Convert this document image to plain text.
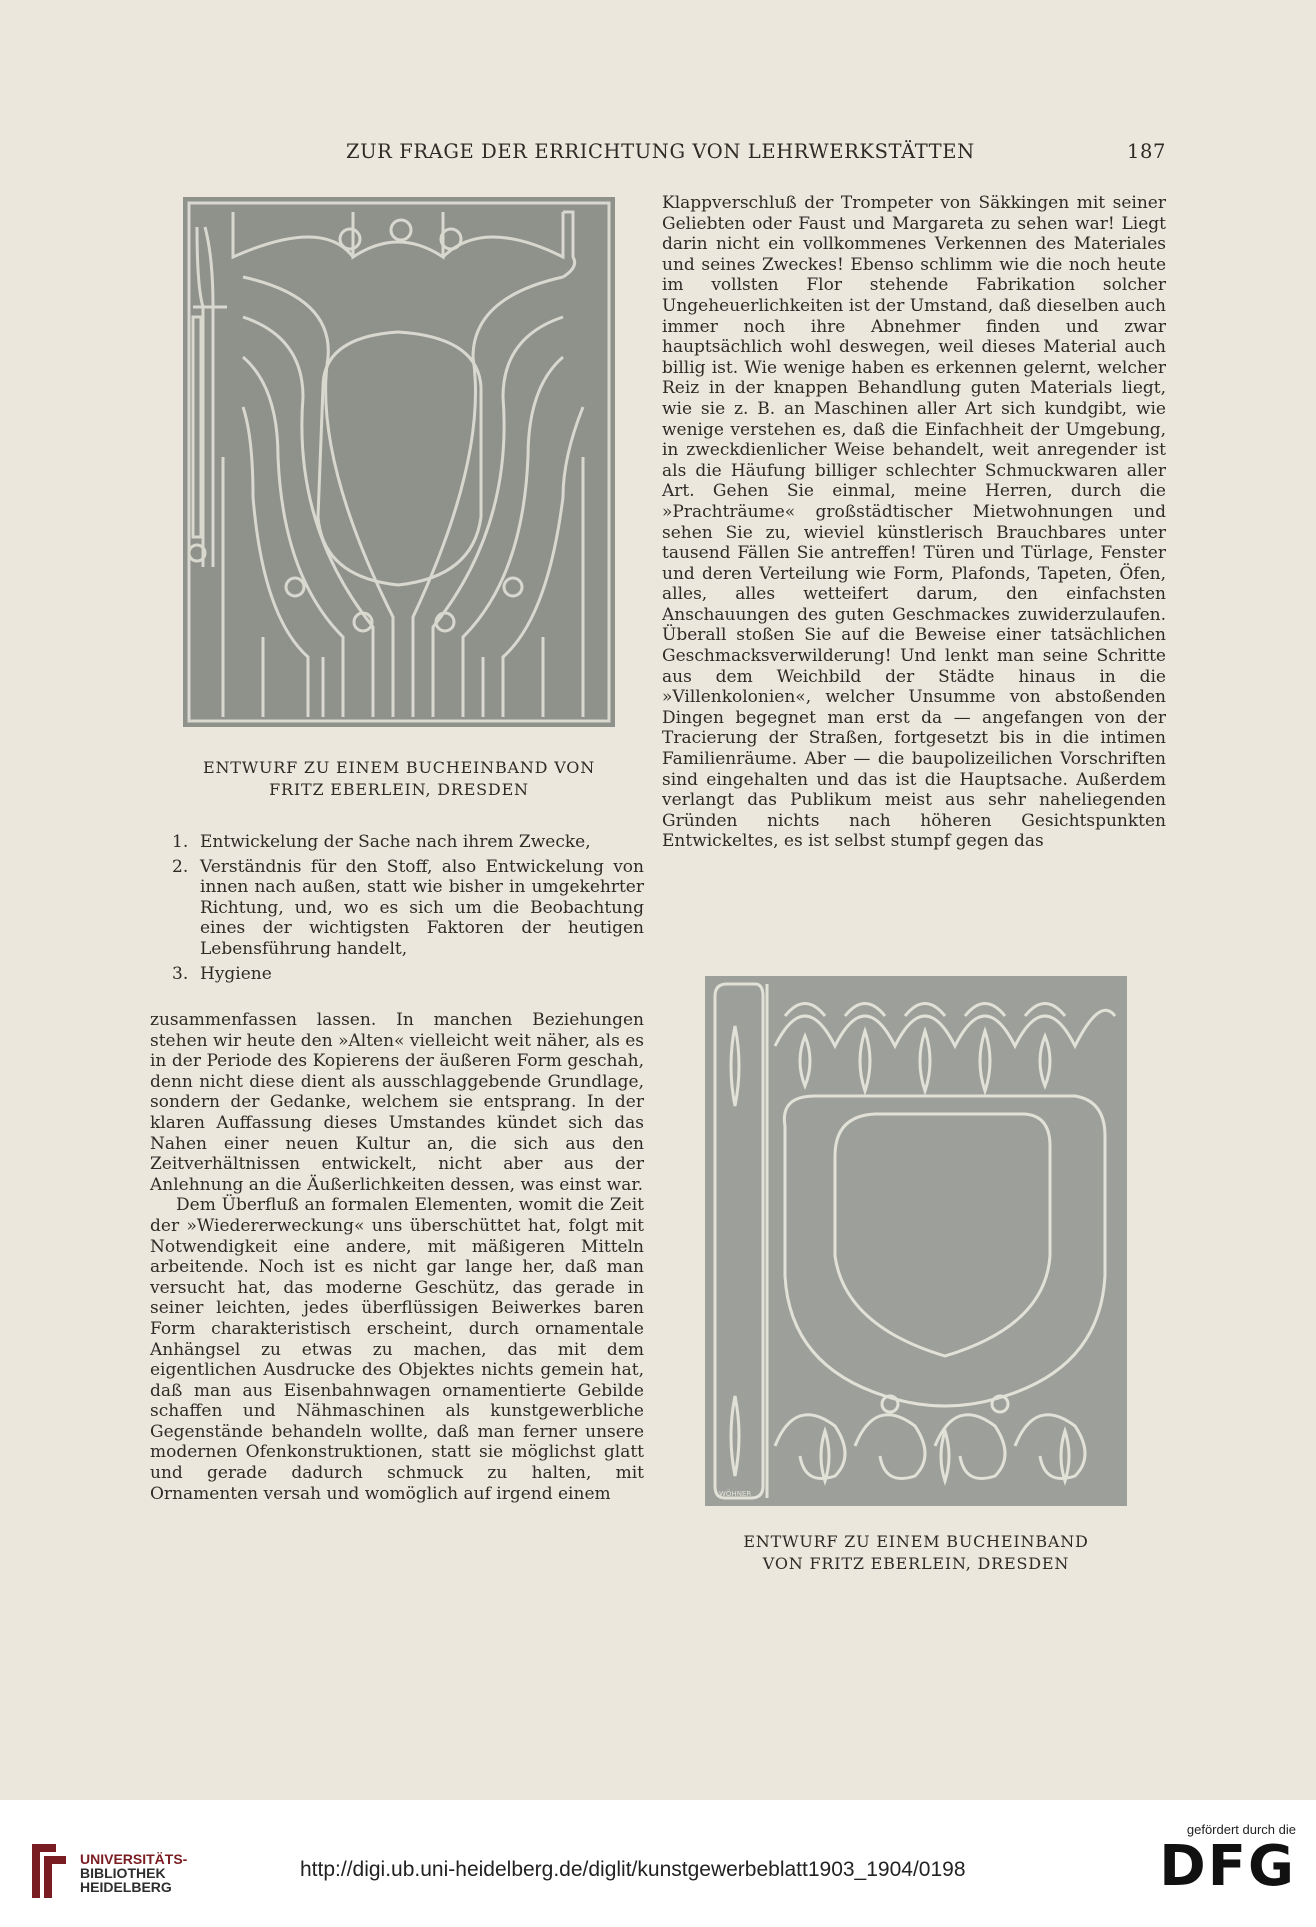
ZUR FRAGE DER ERRICHTUNG VON LEHRWERKSTÄTTEN	187
ENTWURF ZU EINEM BUCHEINBAND VON
FRITZ EBERLEIN, DRESDEN
1. Entwickelung der Sache nach ihrem Zwecke,
2. Verständnis für den Stoff, also Entwickelung von innen nach außen, statt wie bisher in umgekehrter Richtung, und, wo es sich um die Beobachtung eines der wichtigsten Faktoren der heutigen Lebensführung handelt,
3. Hygiene

zusammenfassen lassen. In manchen Beziehungen stehen wir heute den »Alten« vielleicht weit näher, als es in der Periode des Kopierens der äußeren Form geschah, denn nicht diese dient als ausschlaggebende Grundlage, sondern der Gedanke, welchem sie entsprang. In der klaren Auffassung dieses Umstandes kündet sich das Nahen einer neuen Kultur an, die sich aus den Zeitverhältnissen entwickelt, nicht aber aus der Anlehnung an die Äußerlichkeiten dessen, was einst war.

Dem Überfluß an formalen Elementen, womit die Zeit der »Wiedererweckung« uns überschüttet hat, folgt mit Notwendigkeit eine andere, mit mäßigeren Mitteln arbeitende. Noch ist es nicht gar lange her, daß man versucht hat, das moderne Geschütz, das gerade in seiner leichten, jedes überflüssigen Beiwerkes baren Form charakteristisch erscheint, durch ornamentale Anhängsel zu etwas zu machen, das mit dem eigentlichen Ausdrucke des Objektes nichts gemein hat, daß man aus Eisenbahnwagen ornamentierte Gebilde schaffen und Nähmaschinen als kunstgewerbliche Gegenstände behandeln wollte, daß man ferner unsere modernen Ofenkonstruktionen, statt sie möglichst glatt und gerade dadurch schmuck zu halten, mit Ornamenten versah und womöglich auf irgend einem

Klappverschluß der Trompeter von Säkkingen mit seiner Geliebten oder Faust und Margareta zu sehen war! Liegt darin nicht ein vollkommenes Verkennen des Materiales und seines Zweckes! Ebenso schlimm wie die noch heute im vollsten Flor stehende Fabrikation solcher Ungeheuerlichkeiten ist der Umstand, daß dieselben auch immer noch ihre Abnehmer finden und zwar hauptsächlich wohl deswegen, weil dieses Material auch billig ist. Wie wenige haben es erkennen gelernt, welcher Reiz in der knappen Behandlung guten Materials liegt, wie sie z. B. an Maschinen aller Art sich kundgibt, wie wenige verstehen es, daß die Einfachheit der Umgebung, in zweckdienlicher Weise behandelt, weit anregender ist als die Häufung billiger schlechter Schmuckwaren aller Art. Gehen Sie einmal, meine Herren, durch die »Prachträume« großstädtischer Mietwohnungen und sehen Sie zu, wieviel künstlerisch Brauchbares unter tausend Fällen Sie antreffen! Türen und Türlage, Fenster und deren Verteilung wie Form, Plafonds, Tapeten, Öfen, alles, alles wetteifert darum, den einfachsten Anschauungen des guten Geschmackes zuwiderzulaufen. Überall stoßen Sie auf die Beweise einer tatsächlichen Geschmacksverwilderung! Und lenkt man seine Schritte aus dem Weichbild der Städte hinaus in die »Villenkolonien«, welcher Unsumme von abstoßenden Dingen begegnet man erst da — angefangen von der Tracierung der Straßen, fortgesetzt bis in die intimen Familienräume. Aber — die baupolizeilichen Vorschriften sind eingehalten und das ist die Hauptsache. Außerdem verlangt das Publikum meist aus sehr naheliegenden Gründen nichts nach höheren Gesichtspunkten Entwickeltes, es ist selbst stumpf gegen das

WÖHNER
ENTWURF ZU EINEM BUCHEINBAND
VON FRITZ EBERLEIN, DRESDEN
UNIVERSITÄTS-
BIBLIOTHEK
HEIDELBERG
http://digi.ub.uni-heidelberg.de/diglit/kunstgewerbeblatt1903_1904/0198
gefördert durch die
DFG
